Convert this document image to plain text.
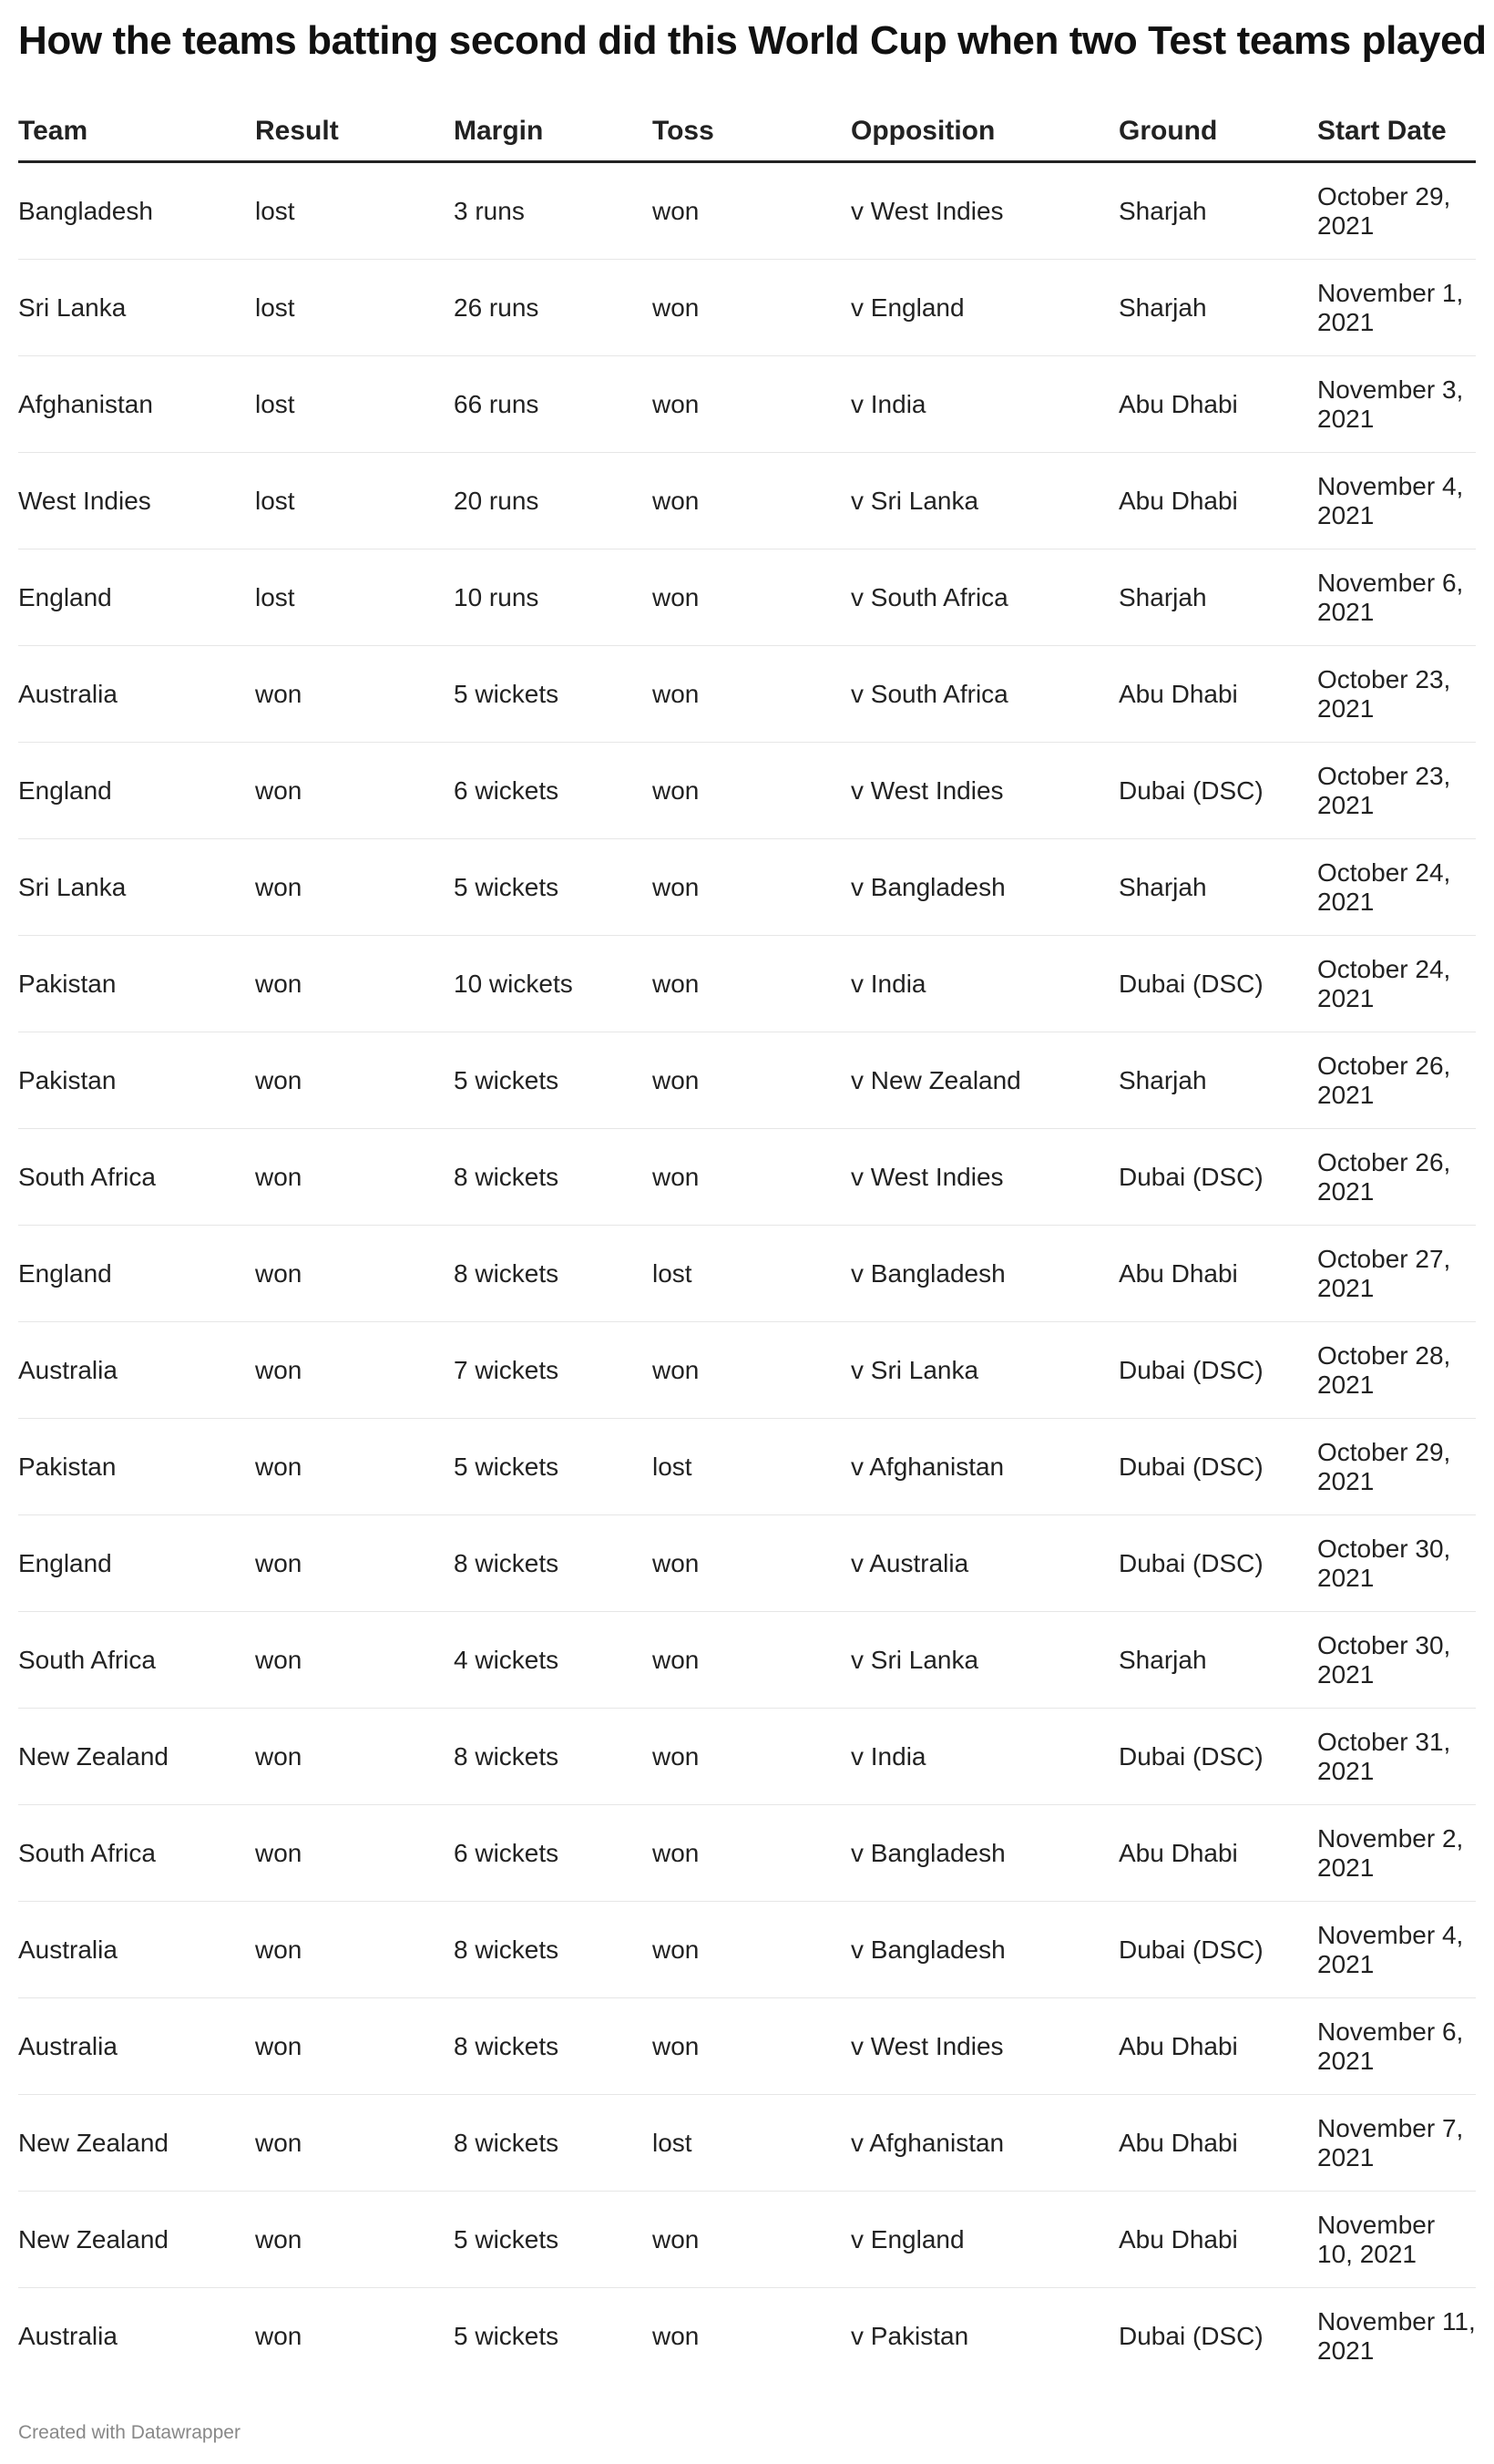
How the teams batting second did this World Cup when two Test teams played
Team	Result	Margin	Toss	Opposition	Ground	Start Date
Bangladesh	lost	3 runs	won	v West Indies	Sharjah	October 29, 2021
Sri Lanka	lost	26 runs	won	v England	Sharjah	November 1, 2021
Afghanistan	lost	66 runs	won	v India	Abu Dhabi	November 3, 2021
West Indies	lost	20 runs	won	v Sri Lanka	Abu Dhabi	November 4, 2021
England	lost	10 runs	won	v South Africa	Sharjah	November 6, 2021
Australia	won	5 wickets	won	v South Africa	Abu Dhabi	October 23, 2021
England	won	6 wickets	won	v West Indies	Dubai (DSC)	October 23, 2021
Sri Lanka	won	5 wickets	won	v Bangladesh	Sharjah	October 24, 2021
Pakistan	won	10 wickets	won	v India	Dubai (DSC)	October 24, 2021
Pakistan	won	5 wickets	won	v New Zealand	Sharjah	October 26, 2021
South Africa	won	8 wickets	won	v West Indies	Dubai (DSC)	October 26, 2021
England	won	8 wickets	lost	v Bangladesh	Abu Dhabi	October 27, 2021
Australia	won	7 wickets	won	v Sri Lanka	Dubai (DSC)	October 28, 2021
Pakistan	won	5 wickets	lost	v Afghanistan	Dubai (DSC)	October 29, 2021
England	won	8 wickets	won	v Australia	Dubai (DSC)	October 30, 2021
South Africa	won	4 wickets	won	v Sri Lanka	Sharjah	October 30, 2021
New Zealand	won	8 wickets	won	v India	Dubai (DSC)	October 31, 2021
South Africa	won	6 wickets	won	v Bangladesh	Abu Dhabi	November 2, 2021
Australia	won	8 wickets	won	v Bangladesh	Dubai (DSC)	November 4, 2021
Australia	won	8 wickets	won	v West Indies	Abu Dhabi	November 6, 2021
New Zealand	won	8 wickets	lost	v Afghanistan	Abu Dhabi	November 7, 2021
New Zealand	won	5 wickets	won	v England	Abu Dhabi	November 10, 2021
Australia	won	5 wickets	won	v Pakistan	Dubai (DSC)	November 11, 2021
Created with Datawrapper
